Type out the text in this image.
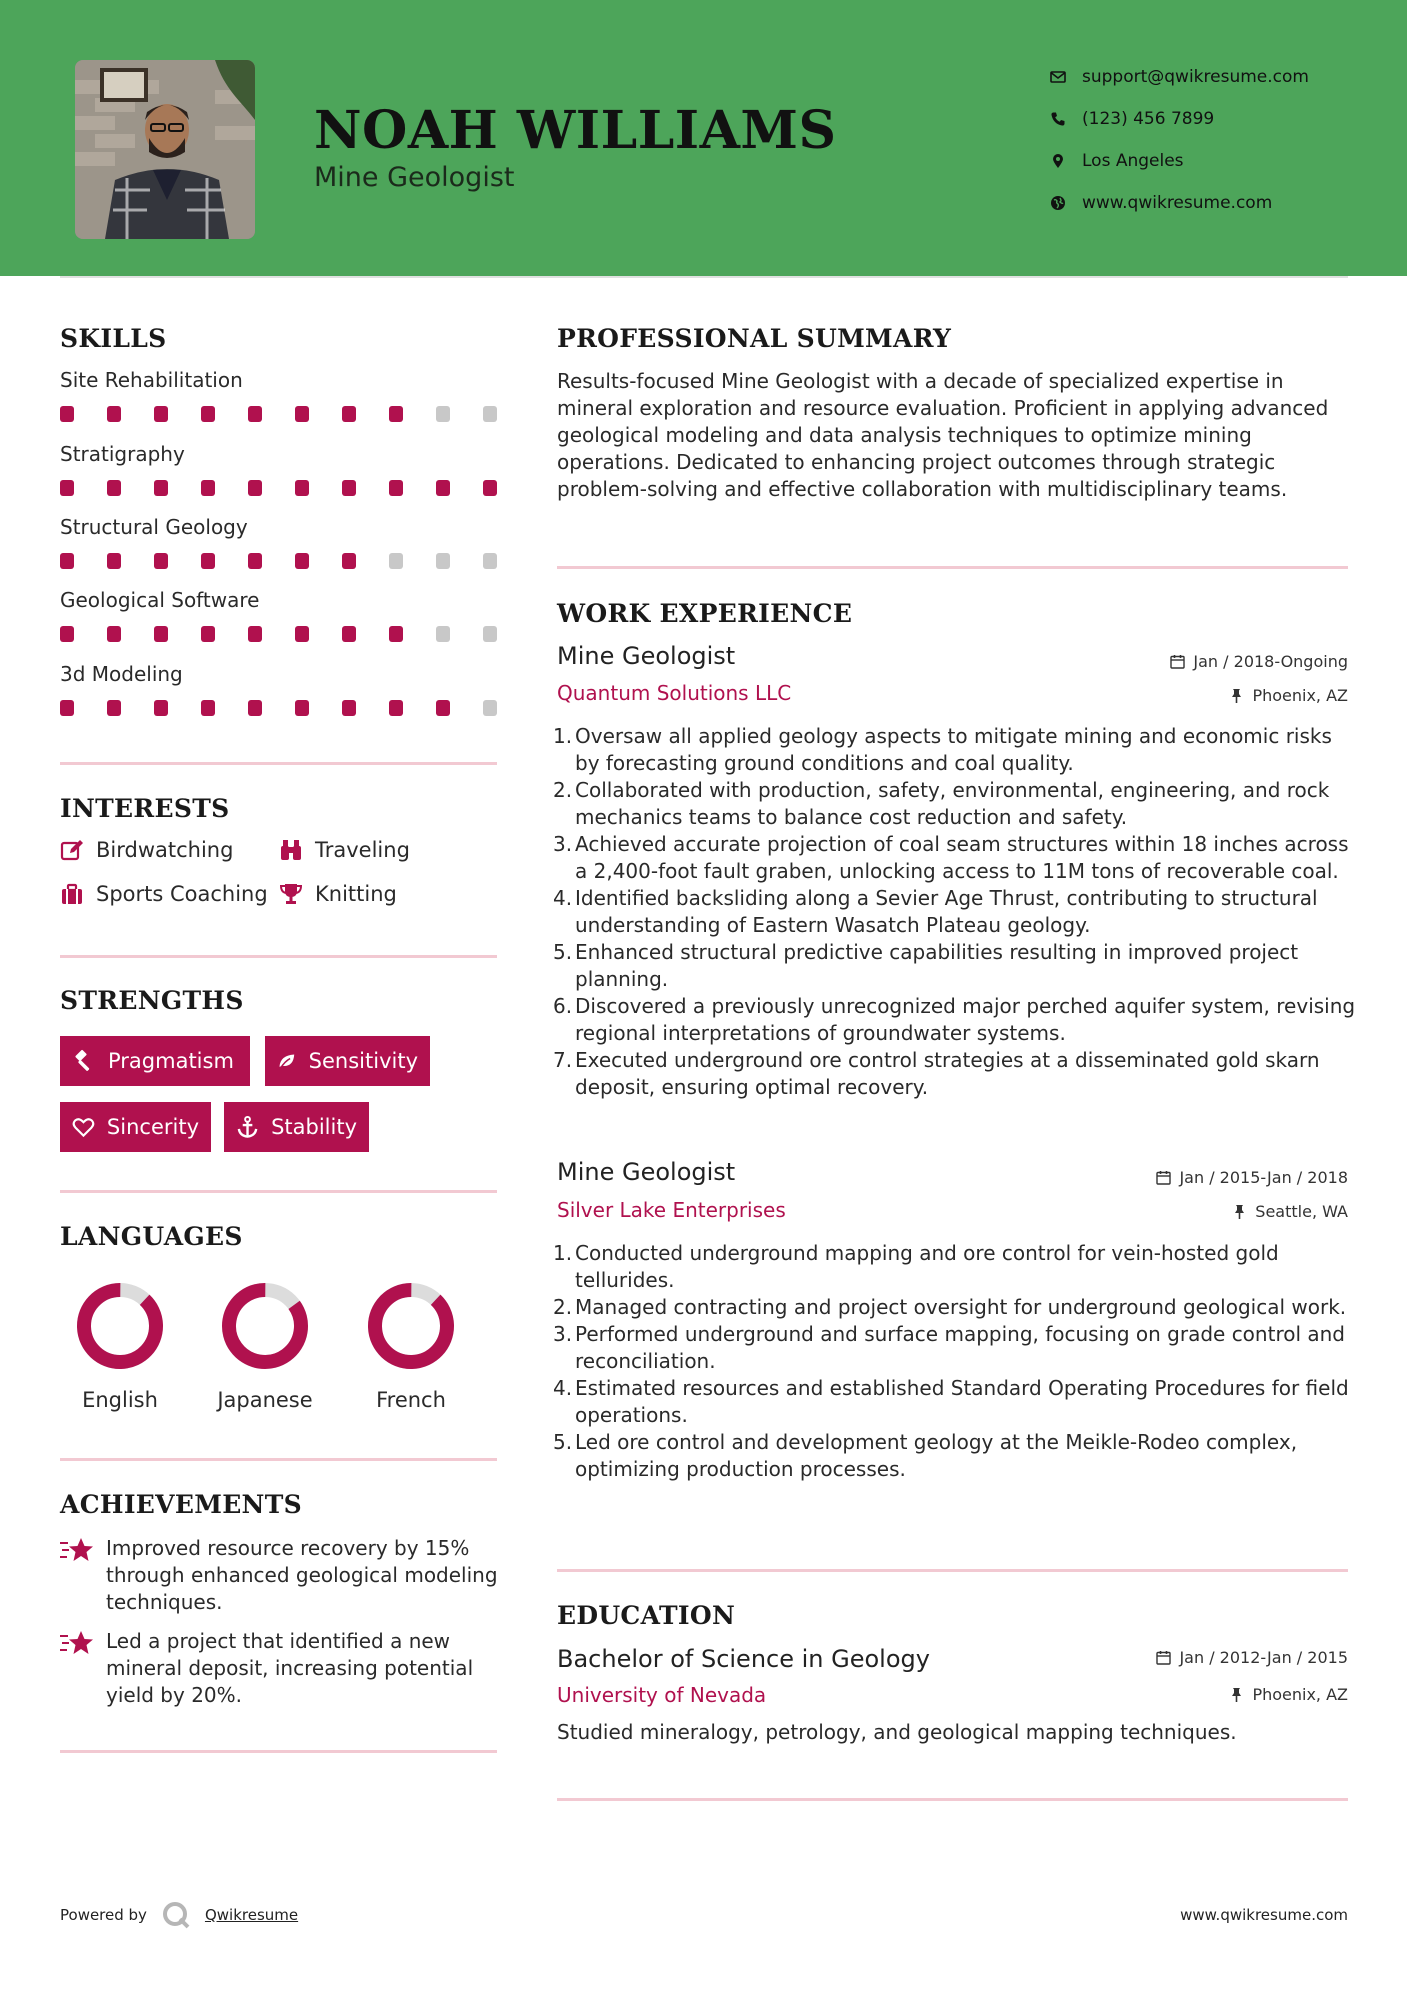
NOAH WILLIAMS
Mine Geologist
support@qwikresume.com
(123) 456 7899
Los Angeles
www.qwikresume.com
SKILLS
Site Rehabilitation
Stratigraphy
Structural Geology
Geological Software
3d Modeling
INTERESTS
Birdwatching	Traveling
Sports Coaching Knitting
STRENGTHS
Pragmatism	Sensitivity
Sincerity	Stability
LANGUAGES
English	Japanese	French
ACHIEVEMENTS
Improved resource recovery by 15% through enhanced geological modeling techniques.
Led a project that identified a new mineral deposit, increasing potential yield by 20%.
PROFESSIONAL SUMMARY
Results-focused Mine Geologist with a decade of specialized expertise in mineral exploration and resource evaluation. Proficient in applying advanced geological modeling and data analysis techniques to optimize mining operations. Dedicated to enhancing project outcomes through strategic problem-solving and effective collaboration with multidisciplinary teams.
WORK EXPERIENCE
Mine Geologist	Jan / 2018-Ongoing
Quantum Solutions LLC	Phoenix, AZ
1. Oversaw all applied geology aspects to mitigate mining and economic risks by forecasting ground conditions and coal quality.
2. Collaborated with production, safety, environmental, engineering, and rock mechanics teams to balance cost reduction and safety.
3. Achieved accurate projection of coal seam structures within 18 inches across a 2,400-foot fault graben, unlocking access to 11M tons of recoverable coal.
4. Identified backsliding along a Sevier Age Thrust, contributing to structural understanding of Eastern Wasatch Plateau geology.
5. Enhanced structural predictive capabilities resulting in improved project planning.
6. Discovered a previously unrecognized major perched aquifer system, revising regional interpretations of groundwater systems.
7. Executed underground ore control strategies at a disseminated gold skarn deposit, ensuring optimal recovery.
Mine Geologist	Jan / 2015-Jan / 2018
Silver Lake Enterprises	Seattle, WA
1. Conducted underground mapping and ore control for vein-hosted gold tellurides.
2. Managed contracting and project oversight for underground geological work.
3. Performed underground and surface mapping, focusing on grade control and reconciliation.
4. Estimated resources and established Standard Operating Procedures for field operations.
5. Led ore control and development geology at the Meikle-Rodeo complex, optimizing production processes.
EDUCATION
Bachelor of Science in Geology	Jan / 2012-Jan / 2015
University of Nevada	Phoenix, AZ
Studied mineralogy, petrology, and geological mapping techniques.
Powered by	Qwikresume	www.qwikresume.com
